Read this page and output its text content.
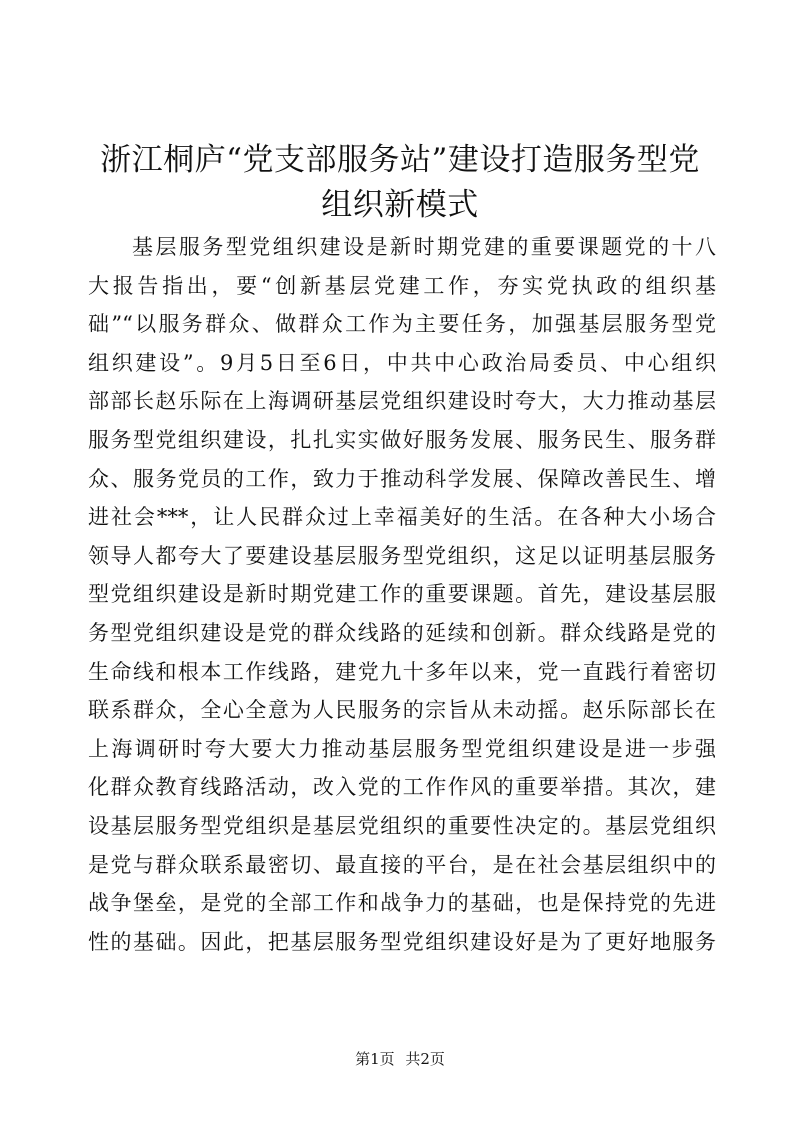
浙江桐庐“党支部服务站”建设打造服务型党
组织新模式
基层服务型党组织建设是新时期党建的重要课题党的十八
大报告指出，要“创新基层党建工作，夯实党执政的组织基
础”“以服务群众、做群众工作为主要任务，加强基层服务型党
组织建设”。9月5日至6日，中共中心政治局委员、中心组织
部部长赵乐际在上海调研基层党组织建设时夸大，大力推动基层
服务型党组织建设，扎扎实实做好服务发展、服务民生、服务群
众、服务党员的工作，致力于推动科学发展、保障改善民生、增
进社会***，让人民群众过上幸福美好的生活。在各种大小场合
领导人都夸大了要建设基层服务型党组织，这足以证明基层服务
型党组织建设是新时期党建工作的重要课题。首先，建设基层服
务型党组织建设是党的群众线路的延续和创新。群众线路是党的
生命线和根本工作线路，建党九十多年以来，党一直践行着密切
联系群众，全心全意为人民服务的宗旨从未动摇。赵乐际部长在
上海调研时夸大要大力推动基层服务型党组织建设是进一步强
化群众教育线路活动，改入党的工作作风的重要举措。其次，建
设基层服务型党组织是基层党组织的重要性决定的。基层党组织
是党与群众联系最密切、最直接的平台，是在社会基层组织中的
战争堡垒，是党的全部工作和战争力的基础，也是保持党的先进
性的基础。因此，把基层服务型党组织建设好是为了更好地服务
第1页 共2页
